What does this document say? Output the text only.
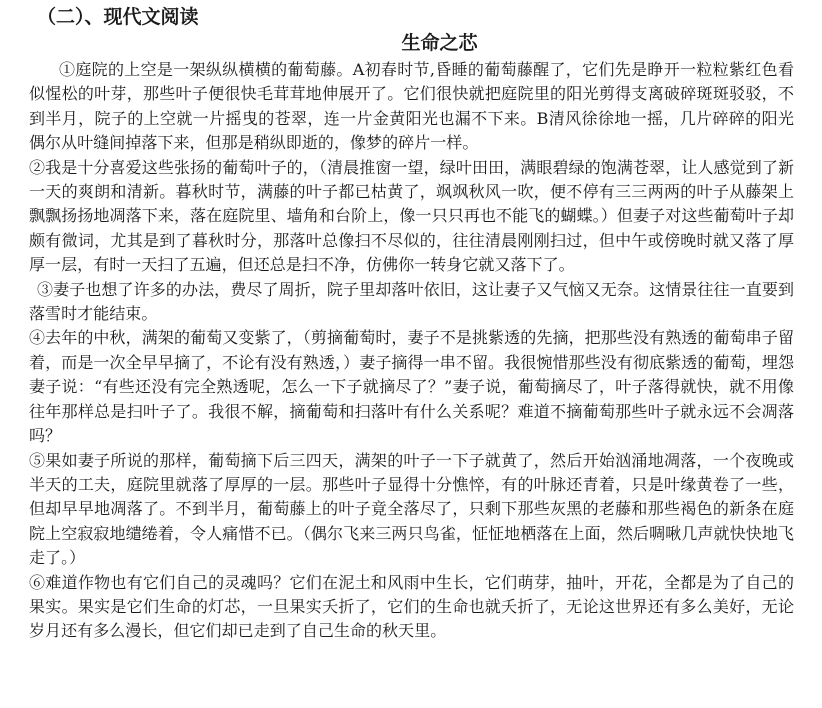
（二）、现代文阅读
生命之芯

①庭院的上空是一架纵纵横横的葡萄藤。A初春时节,昏睡的葡萄藤醒了，它们先是睁开一粒粒紫红色看似惺松的叶芽，那些叶子便很快毛茸茸地伸展开了。它们很快就把庭院里的阳光剪得支离破碎斑斑驳驳，不到半月，院子的上空就一片摇曳的苍翠，连一片金黄阳光也漏不下来。B清风徐徐地一摇，几片碎碎的阳光偶尔从叶缝间掉落下来，但那是稍纵即逝的，像梦的碎片一样。

②我是十分喜爱这些张扬的葡萄叶子的，（清晨推窗一望，绿叶田田，满眼碧绿的饱满苍翠，让人感觉到了新一天的爽朗和清新。暮秋时节，满藤的叶子都已枯黄了，飒飒秋风一吹，便不停有三三两两的叶子从藤架上飘飘扬扬地凋落下来，落在庭院里、墙角和台阶上，像一只只再也不能飞的蝴蝶。）但妻子对这些葡萄叶子却颇有微词，尤其是到了暮秋时分，那落叶总像扫不尽似的，往往清晨刚刚扫过，但中午或傍晚时就又落了厚厚一层，有时一天扫了五遍，但还总是扫不净，仿佛你一转身它就又落下了。

③妻子也想了许多的办法，费尽了周折，院子里却落叶依旧，这让妻子又气恼又无奈。这情景往往一直要到落雪时才能结束。

④去年的中秋，满架的葡萄又变紫了，（剪摘葡萄时，妻子不是挑紫透的先摘，把那些没有熟透的葡萄串子留着，而是一次全早早摘了，不论有没有熟透，）妻子摘得一串不留。我很惋惜那些没有彻底紫透的葡萄，埋怨妻子说：“有些还没有完全熟透呢，怎么一下子就摘尽了？”妻子说，葡萄摘尽了，叶子落得就快，就不用像往年那样总是扫叶子了。我很不解，摘葡萄和扫落叶有什么关系呢？难道不摘葡萄那些叶子就永远不会凋落吗？

⑤果如妻子所说的那样，葡萄摘下后三四天，满架的叶子一下子就黄了，然后开始汹涌地凋落，一个夜晚或半天的工夫，庭院里就落了厚厚的一层。那些叶子显得十分憔悴，有的叶脉还青着，只是叶缘黄卷了一些，但却早早地凋落了。不到半月，葡萄藤上的叶子竟全落尽了，只剩下那些灰黑的老藤和那些褐色的新条在庭院上空寂寂地缱绻着，令人痛惜不已。（偶尔飞来三两只鸟雀，怔怔地栖落在上面，然后啁啾几声就快快地飞走了。）

⑥难道作物也有它们自己的灵魂吗？它们在泥土和风雨中生长，它们萌芽，抽叶，开花，全都是为了自己的果实。果实是它们生命的灯芯，一旦果实夭折了，它们的生命也就夭折了，无论这世界还有多么美好，无论岁月还有多么漫长，但它们却已走到了自己生命的秋天里。
